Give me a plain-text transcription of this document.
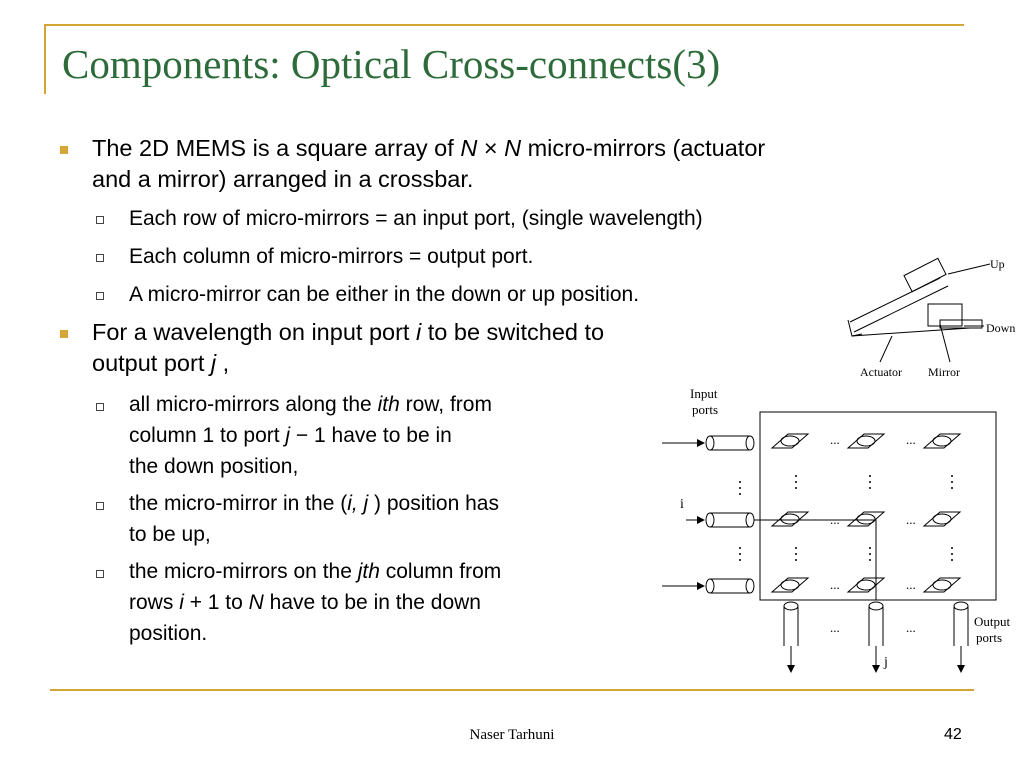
Components: Optical Cross-connects(3)
The 2D MEMS is a square array of N × N micro-mirrors (actuator
and a mirror) arranged in a crossbar.
Each row of micro-mirrors = an input port, (single wavelength)
Each column of micro-mirrors = output port.
A micro-mirror can be either in the down or up position.
For a wavelength on input port i to be switched to
output port j ,
all micro-mirrors along the ith row, from
column 1 to port j − 1 have to be in
the down position,
the micro-mirror in the (i, j ) position has
to be up,
the micro-mirrors on the jth column from
rows i + 1 to N have to be in the down
position.
Up
Down
Actuator Mirror
Input
ports
Output
ports
i
j
...	...
...	...
...	...
...	...
Naser Tarhuni	42
